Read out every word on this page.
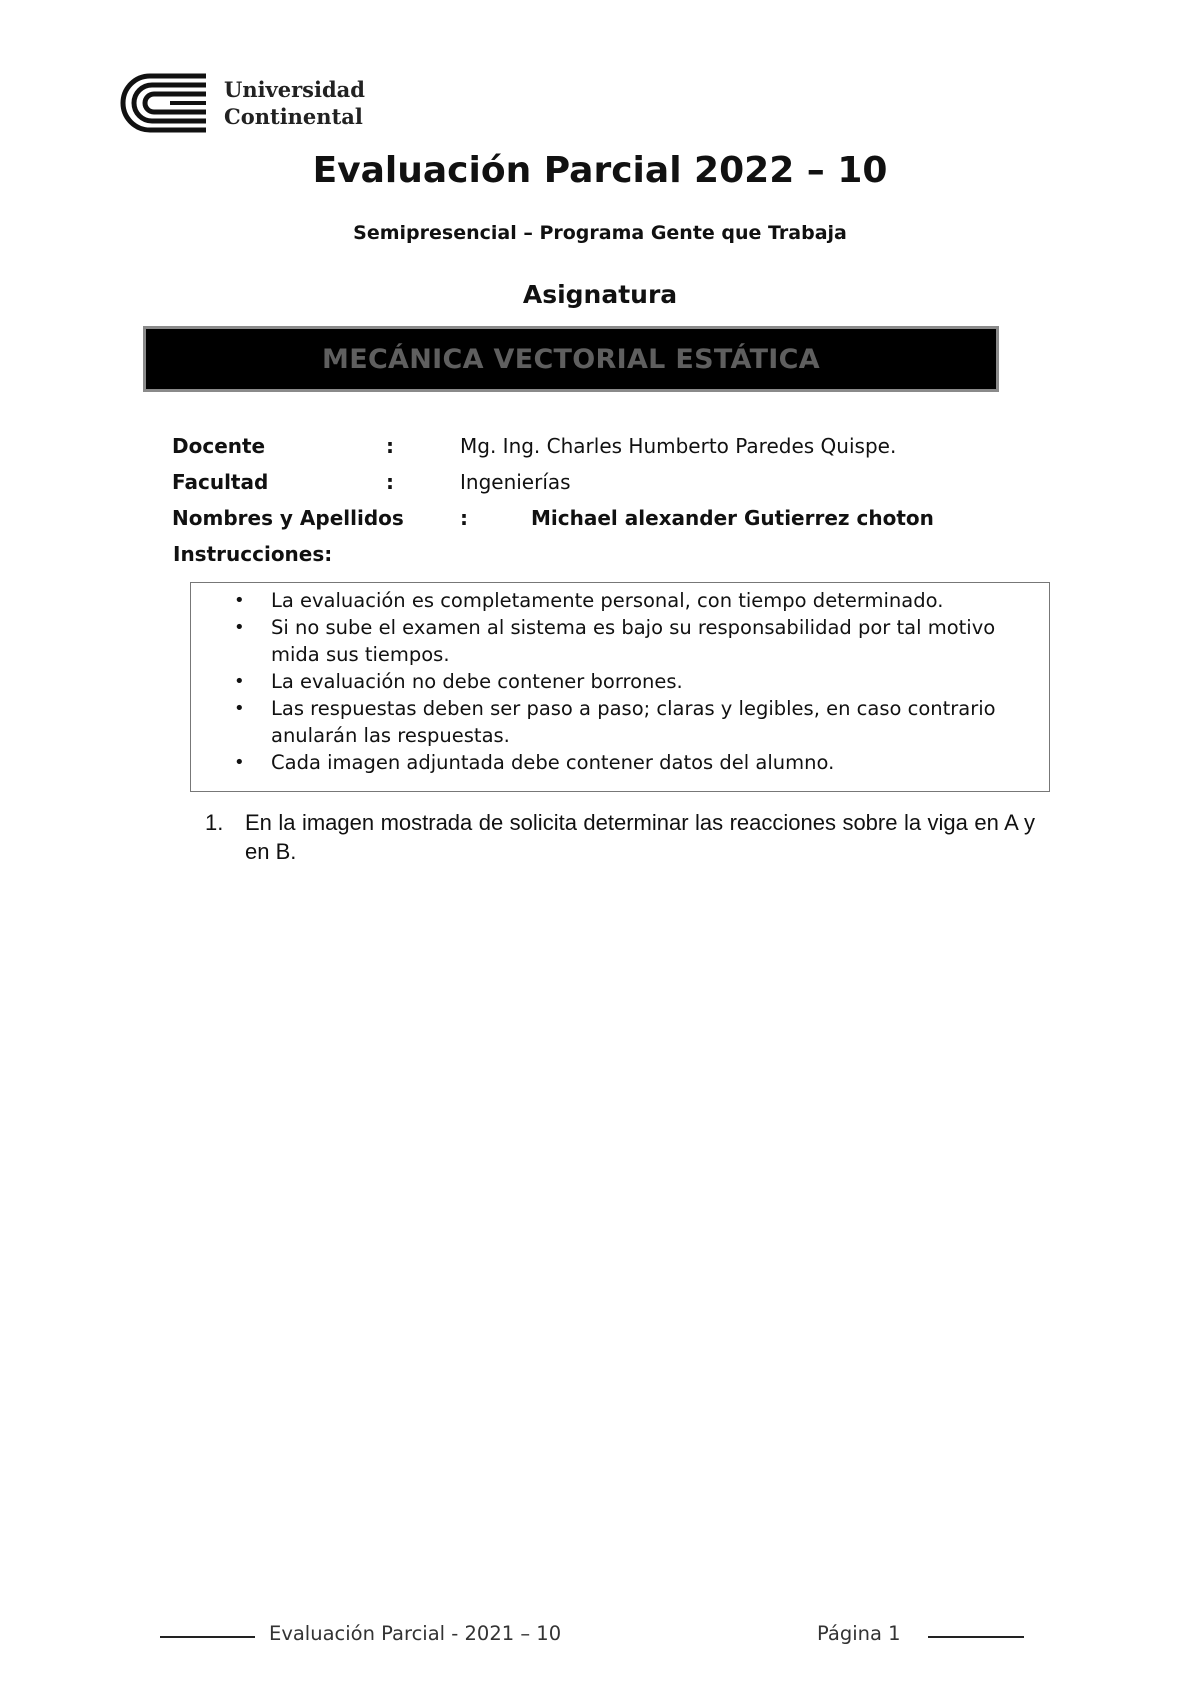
Universidad
Continental
Evaluación Parcial 2022 – 10
Semipresencial – Programa Gente que Trabaja
Asignatura
MECÁNICA VECTORIAL ESTÁTICA
Docente	:	Mg. Ing. Charles Humberto Paredes Quispe.
Facultad	:	Ingenierías
Nombres y Apellidos	:	Michael alexander Gutierrez choton
Instrucciones:
• La evaluación es completamente personal, con tiempo determinado.
• Si no sube el examen al sistema es bajo su responsabilidad por tal motivo mida sus tiempos.
• La evaluación no debe contener borrones.
• Las respuestas deben ser paso a paso; claras y legibles, en caso contrario anularán las respuestas.
• Cada imagen adjuntada debe contener datos del alumno.
1. En la imagen mostrada de solicita determinar las reacciones sobre la viga en A y en B.
Evaluación Parcial - 2021 – 10	Página 1
